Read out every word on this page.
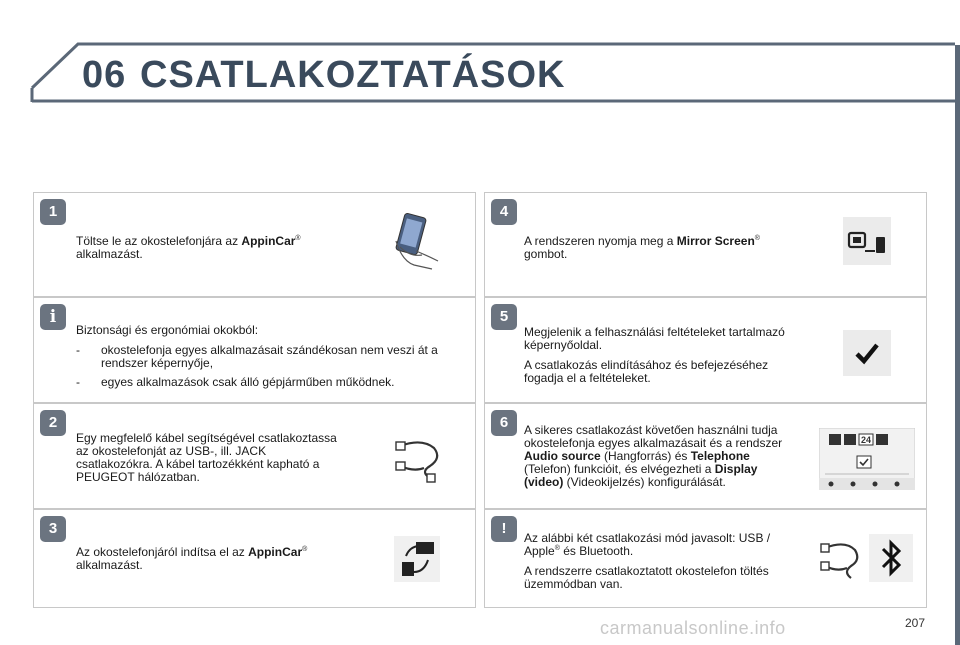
06 CSATLAKOZTATÁSOK
1
Töltse le az okostelefonjára az AppinCar®
alkalmazást.
i

Biztonsági és ergonómiai okokból:

-	okostelefonja egyes alkalmazásait szándékosan nem veszi át a rendszer képernyője,
-	egyes alkalmazások csak álló gépjárműben működnek.
2
Egy megfelelő kábel segítségével csatlakoztassa az okostelefonját az USB-, ill. JACK csatlakozókra. A kábel tartozékként kapható a PEUGEOT hálózatban.
3
Az okostelefonjáról indítsa el az AppinCar®
alkalmazást.
4
A rendszeren nyomja meg a Mirror Screen®
gombot.
5

Megjelenik a felhasználási feltételeket tartalmazó képernyőoldal.

A csatlakozás elindításához és befejezéséhez fogadja el a feltételeket.

6	A sikeres csatlakozást követően használni tudja okostelefonja egyes alkalmazásait és a rendszer Audio source (Hangforrás) és Telephone (Telefon) funkcióit, és elvégezheti a Display (video) (Videokijelzés) konfigurálását.
24
!

Az alábbi két csatlakozási mód javasolt: USB / Apple® és Bluetooth.

A rendszerre csatlakoztatott okostelefon töltés üzemmódban van.

carmanualsonline.info	207
